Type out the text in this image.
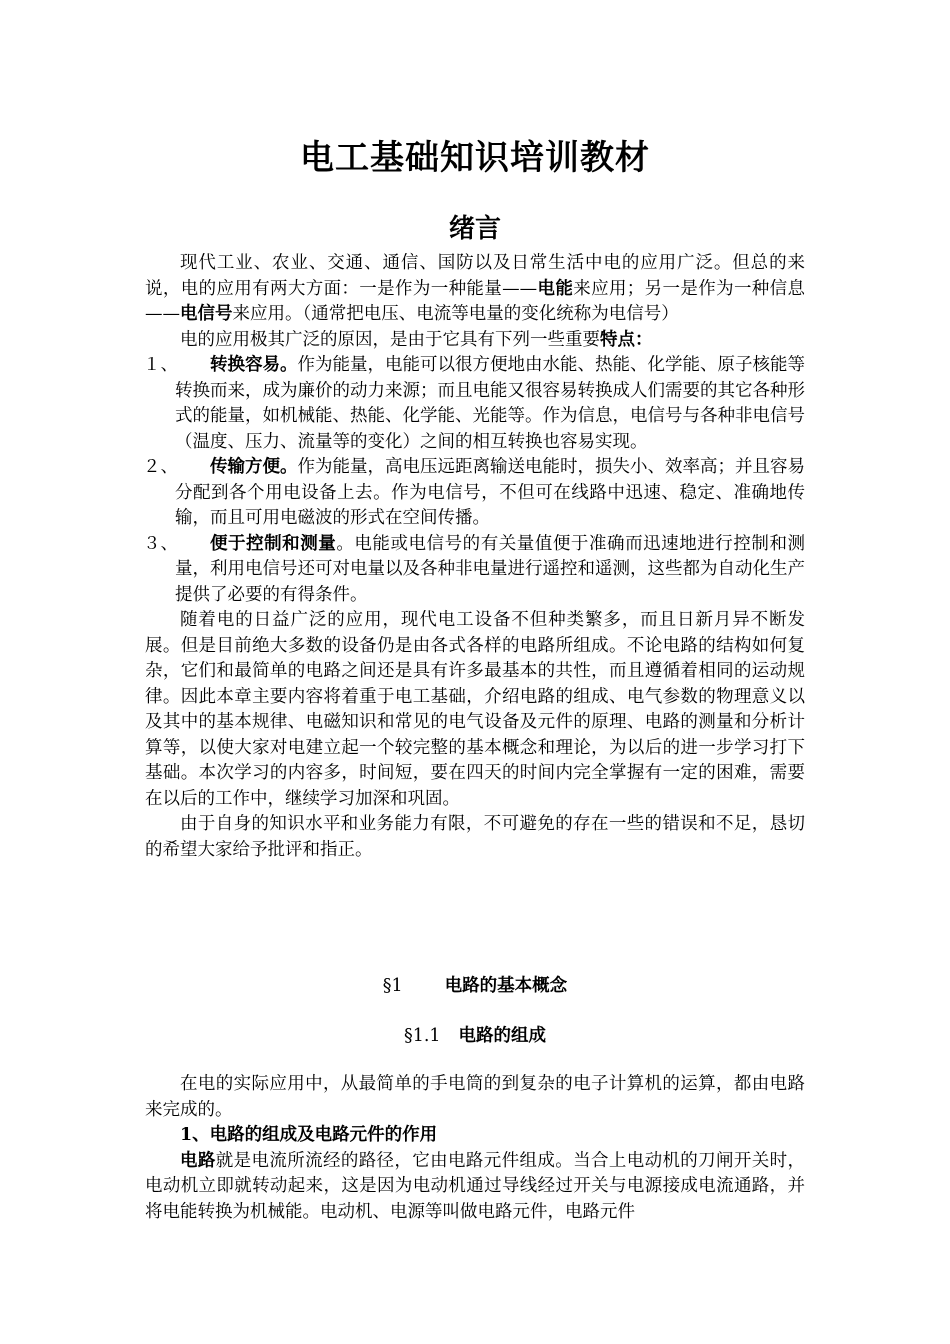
电工基础知识培训教材
绪言

现代工业、农业、交通、通信、国防以及日常生活中电的应用广泛。但总的来说，电的应用有两大方面：一是作为一种能量——电能来应用；另一是作为一种信息——电信号来应用。（通常把电压、电流等电量的变化统称为电信号）

电的应用极其广泛的原因，是由于它具有下列一些重要特点：

１、 转换容易。作为能量，电能可以很方便地由水能、热能、化学能、原子核能等转换而来，成为廉价的动力来源；而且电能又很容易转换成人们需要的其它各种形式的能量，如机械能、热能、化学能、光能等。作为信息，电信号与各种非电信号（温度、压力、流量等的变化）之间的相互转换也容易实现。

２、 传输方便。作为能量，高电压远距离输送电能时，损失小、效率高；并且容易分配到各个用电设备上去。作为电信号，不但可在线路中迅速、稳定、准确地传输，而且可用电磁波的形式在空间传播。

３、 便于控制和测量。电能或电信号的有关量值便于准确而迅速地进行控制和测量，利用电信号还可对电量以及各种非电量进行遥控和遥测，这些都为自动化生产提供了必要的有得条件。

随着电的日益广泛的应用，现代电工设备不但种类繁多，而且日新月异不断发展。但是目前绝大多数的设备仍是由各式各样的电路所组成。不论电路的结构如何复杂，它们和最简单的电路之间还是具有许多最基本的共性，而且遵循着相同的运动规律。因此本章主要内容将着重于电工基础，介绍电路的组成、电气参数的物理意义以及其中的基本规律、电磁知识和常见的电气设备及元件的原理、电路的测量和分析计算等，以使大家对电建立起一个较完整的基本概念和理论，为以后的进一步学习打下基础。本次学习的内容多，时间短，要在四天的时间内完全掌握有一定的困难，需要在以后的工作中，继续学习加深和巩固。

由于自身的知识水平和业务能力有限，不可避免的存在一些的错误和不足，恳切的希望大家给予批评和指正。

§1 电路的基本概念
§1.1 电路的组成

在电的实际应用中，从最简单的手电筒的到复杂的电子计算机的运算，都由电路来完成的。

1、电路的组成及电路元件的作用

电路就是电流所流经的路径，它由电路元件组成。当合上电动机的刀闸开关时，电动机立即就转动起来，这是因为电动机通过导线经过开关与电源接成电流通路，并将电能转换为机械能。电动机、电源等叫做电路元件，电路元件
